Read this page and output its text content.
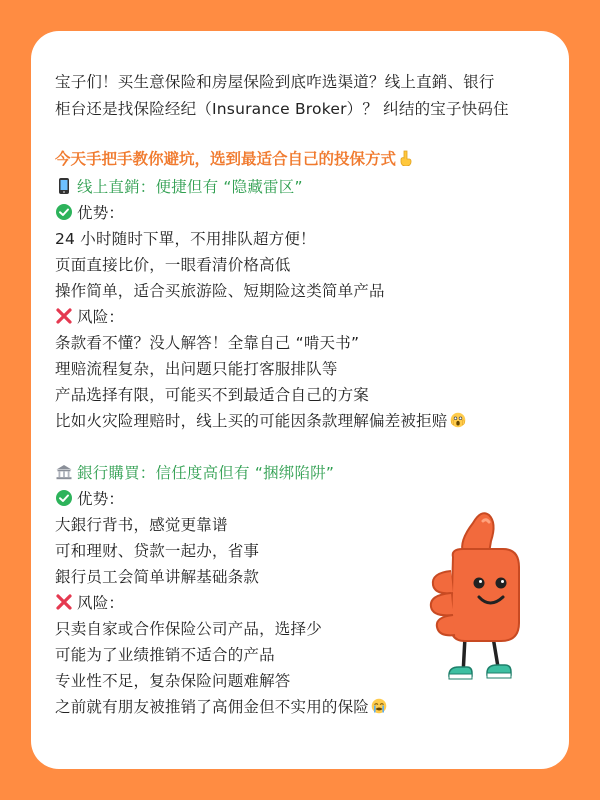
宝子们！买生意保险和房屋保险到底咋选渠道？线上直銷、银行
柜台还是找保险经纪（Insurance Broker）？ 纠结的宝子快码住

今天手把手教你避坑，选到最适合自己的投保方式

线上直銷：便捷但有 “隐藏雷区”
优势：
24 小时随时下單，不用排队超方便！
页面直接比价，一眼看清价格高低
操作简单，适合买旅游险、短期险这类简单产品
风险：
条款看不懂？没人解答！全靠自己 “啃天书”
理赔流程复杂，出问题只能打客服排队等
产品选择有限，可能买不到最适合自己的方案
比如火灾险理赔时，线上买的可能因条款理解偏差被拒赔
銀行購買：信任度高但有 “捆绑陷阱”
优势：
大銀行背书，感觉更靠谱
可和理财、贷款一起办，省事
銀行员工会简单讲解基础条款
风险：
只卖自家或合作保险公司产品，选择少
可能为了业绩推销不适合的产品
专业性不足，复杂保险问题难解答
之前就有朋友被推销了高佣金但不实用的保险
